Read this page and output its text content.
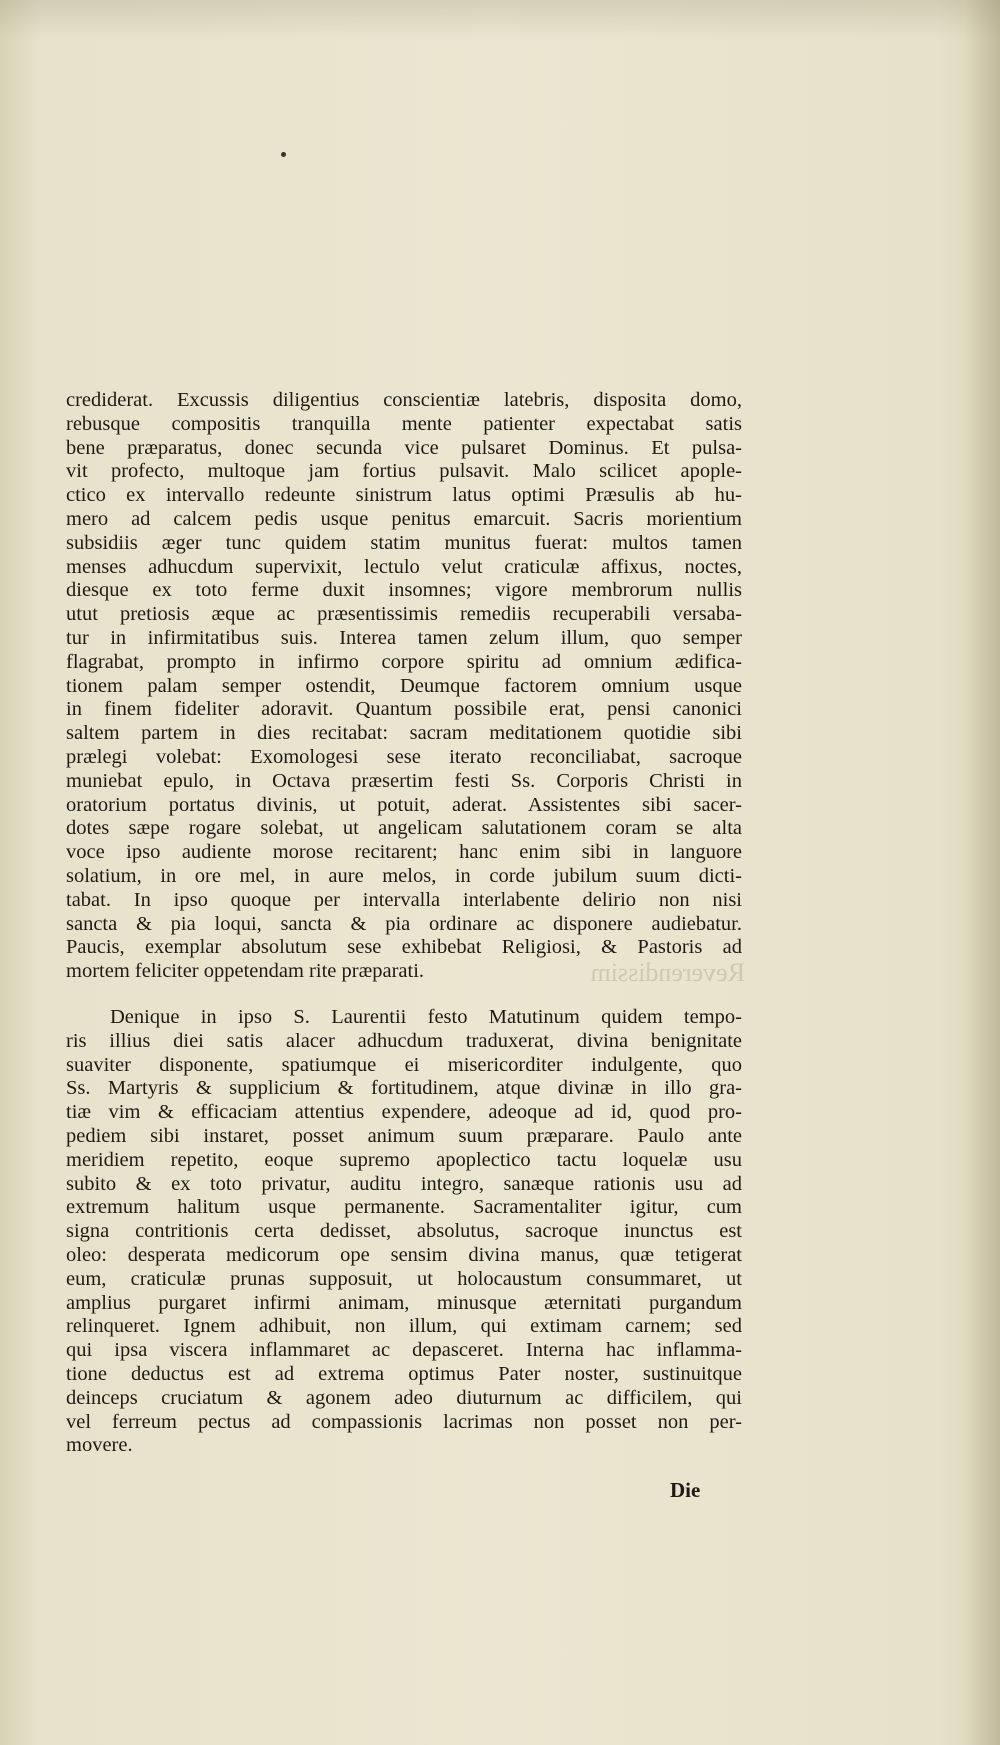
Reverendissim
crediderat. Excussis diligentius conscientiæ latebris, disposita domo,
rebusque compositis tranquilla mente patienter expectabat satis
bene præparatus, donec secunda vice pulsaret Dominus. Et pulsa-
vit profecto, multoque jam fortius pulsavit. Malo scilicet apople-
ctico ex intervallo redeunte sinistrum latus optimi Præsulis ab hu-
mero ad calcem pedis usque penitus emarcuit. Sacris morientium
subsidiis æger tunc quidem statim munitus fuerat: multos tamen
menses adhucdum supervixit, lectulo velut craticulæ affixus, noctes,
diesque ex toto ferme duxit insomnes; vigore membrorum nullis
utut pretiosis æque ac præsentissimis remediis recuperabili versaba-
tur in infirmitatibus suis. Interea tamen zelum illum, quo semper
flagrabat, prompto in infirmo corpore spiritu ad omnium ædifica-
tionem palam semper ostendit, Deumque factorem omnium usque
in finem fideliter adoravit. Quantum possibile erat, pensi canonici
saltem partem in dies recitabat: sacram meditationem quotidie sibi
prælegi volebat: Exomologesi sese iterato reconciliabat, sacroque
muniebat epulo, in Octava præsertim festi Ss. Corporis Christi in
oratorium portatus divinis, ut potuit, aderat. Assistentes sibi sacer-
dotes sæpe rogare solebat, ut angelicam salutationem coram se alta
voce ipso audiente morose recitarent; hanc enim sibi in languore
solatium, in ore mel, in aure melos, in corde jubilum suum dicti-
tabat. In ipso quoque per intervalla interlabente delirio non nisi
sancta & pia loqui, sancta & pia ordinare ac disponere audiebatur.
Paucis, exemplar absolutum sese exhibebat Religiosi, & Pastoris ad
mortem feliciter oppetendam rite præparati.
Denique in ipso S. Laurentii festo Matutinum quidem tempo-
ris illius diei satis alacer adhucdum traduxerat, divina benignitate
suaviter disponente, spatiumque ei misericorditer indulgente, quo
Ss. Martyris & supplicium & fortitudinem, atque divinæ in illo gra-
tiæ vim & efficaciam attentius expendere, adeoque ad id, quod pro-
pediem sibi instaret, posset animum suum præparare. Paulo ante
meridiem repetito, eoque supremo apoplectico tactu loquelæ usu
subito & ex toto privatur, auditu integro, sanæque rationis usu ad
extremum halitum usque permanente. Sacramentaliter igitur, cum
signa contritionis certa dedisset, absolutus, sacroque inunctus est
oleo: desperata medicorum ope sensim divina manus, quæ tetigerat
eum, craticulæ prunas supposuit, ut holocaustum consummaret, ut
amplius purgaret infirmi animam, minusque æternitati purgandum
relinqueret. Ignem adhibuit, non illum, qui extimam carnem; sed
qui ipsa viscera inflammaret ac depasceret. Interna hac inflamma-
tione deductus est ad extrema optimus Pater noster, sustinuitque
deinceps cruciatum & agonem adeo diuturnum ac difficilem, qui
vel ferreum pectus ad compassionis lacrimas non posset non per-
movere.
Die
